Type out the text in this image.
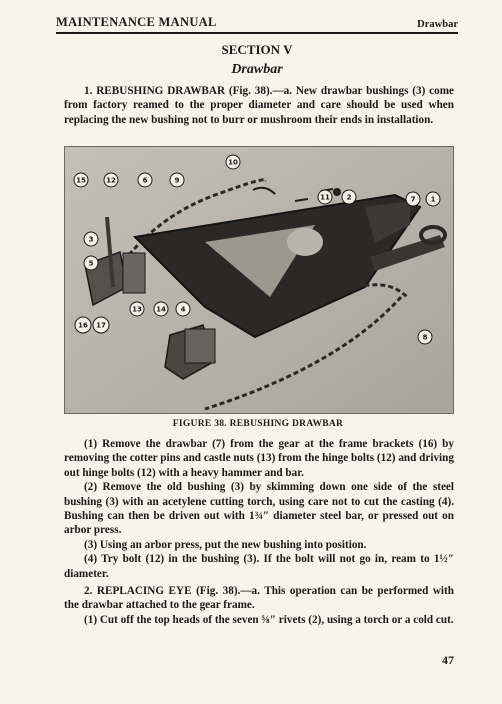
MAINTENANCE MANUAL	Drawbar
SECTION V
Drawbar

1. REBUSHING DRAWBAR (Fig. 38).—a. New drawbar bushings (3) come from factory reamed to the proper diameter and care should be used when replacing the new bushing not to burr or mushroom their ends in installation.

10
15	12	6	9
11 2	7 1
3
5
16 17
13 14 4
8
FIGURE 38. REBUSHING DRAWBAR

(1) Remove the drawbar (7) from the gear at the frame brackets (16) by removing the cotter pins and castle nuts (13) from the hinge bolts (12) and driving out hinge bolts (12) with a heavy hammer and bar.

(2) Remove the old bushing (3) by skimming down one side of the steel bushing (3) with an acetylene cutting torch, using care not to cut the casting (4). Bushing can then be driven out with 1¾″ diameter steel bar, or pressed out on arbor press.

(3) Using an arbor press, put the new bushing into position.

(4) Try bolt (12) in the bushing (3). If the bolt will not go in, ream to 1½″ diameter.

2. REPLACING EYE (Fig. 38).—a. This operation can be performed with the drawbar attached to the gear frame.

(1) Cut off the top heads of the seven ⅝″ rivets (2), using a torch or a cold cut.

47
